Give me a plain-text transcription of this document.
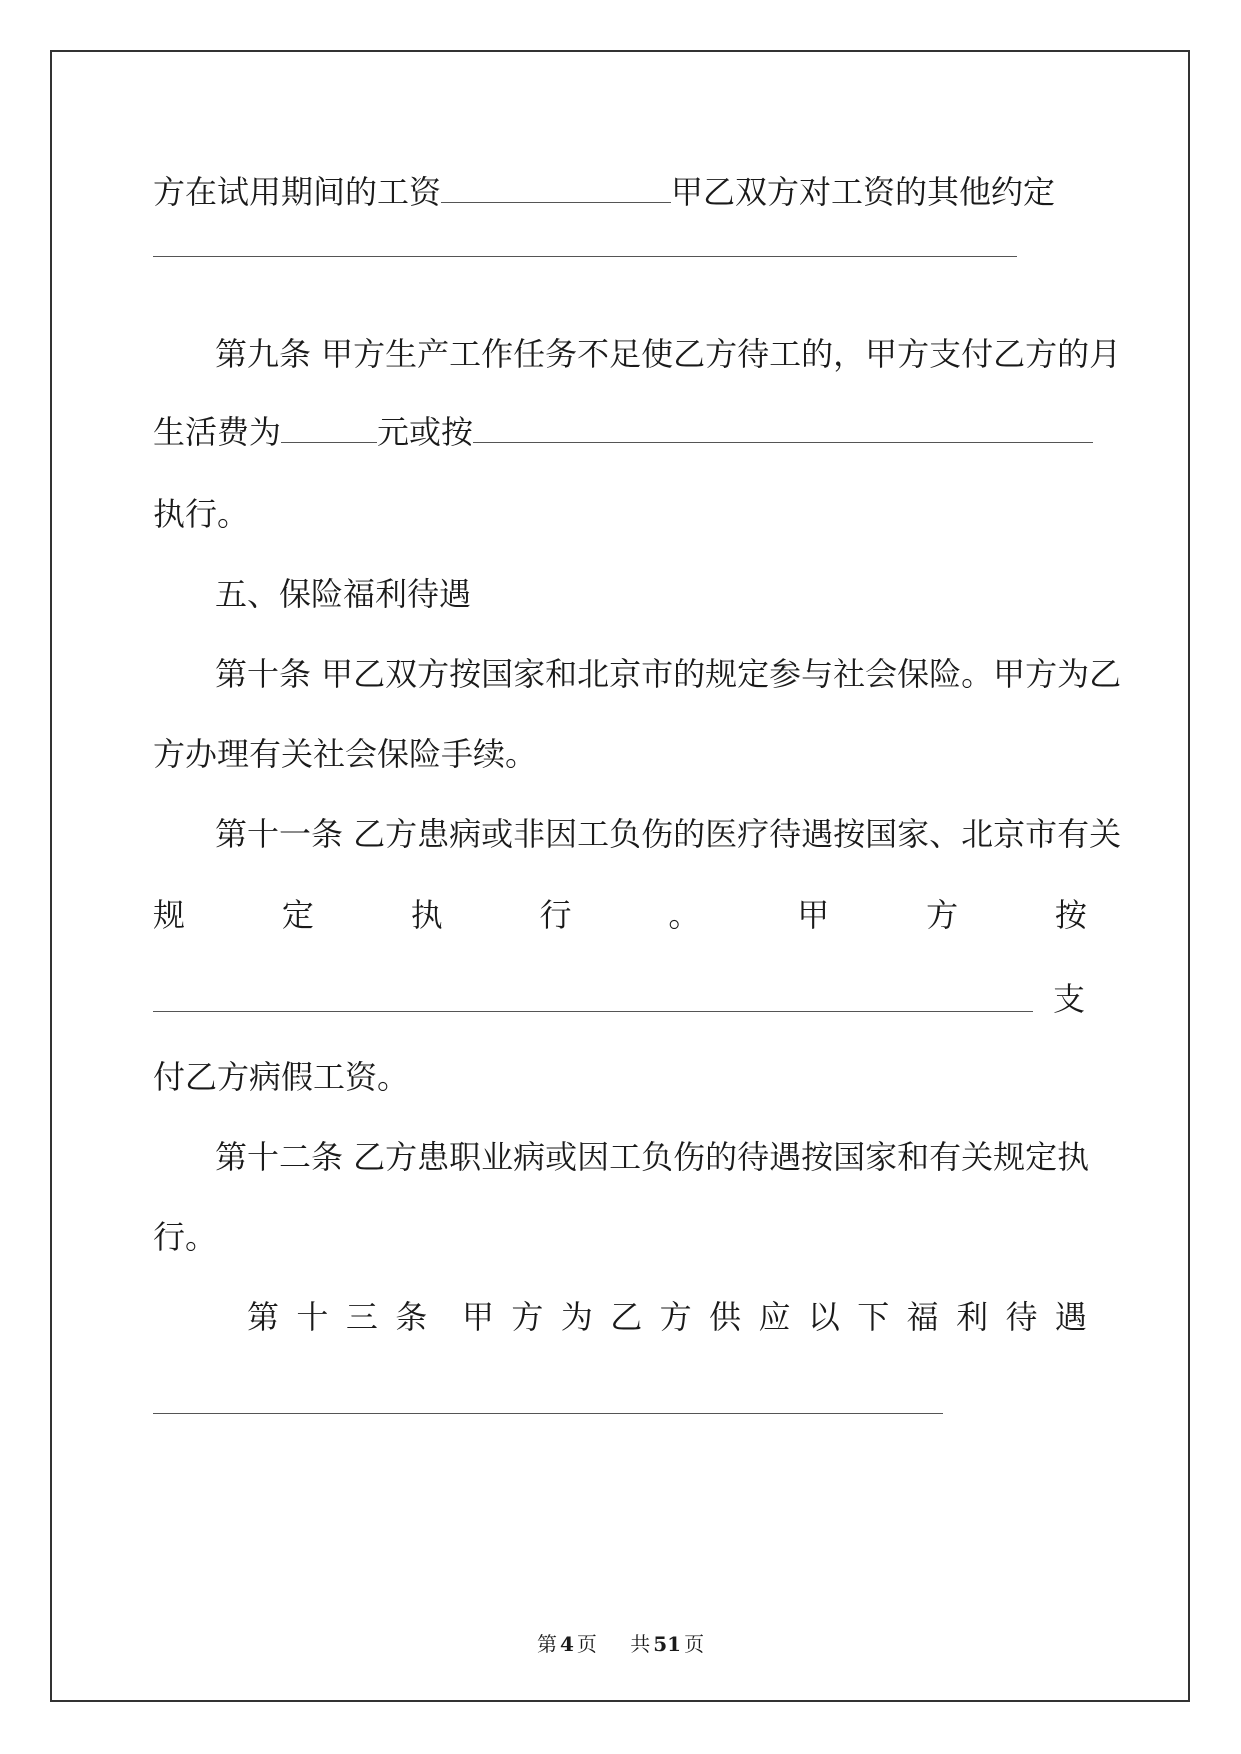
方在试用期间的工资	甲乙双方对工资的其他约定
第九条 甲方生产工作任务不足使乙方待工的，甲方支付乙方的月
生活费为	元或按
执行。
五、保险福利待遇
第十条 甲乙双方按国家和北京市的规定参与社会保险。甲方为乙
方办理有关社会保险手续。
第十一条 乙方患病或非因工负伤的医疗待遇按国家、北京市有关
规	定	执	行	。	甲	方	按
支
付乙方病假工资。
第十二条 乙方患职业病或因工负伤的待遇按国家和有关规定执
行。
第 十 三 条 甲 方 为 乙 方 供 应 以 下 福 利 待 遇
第 4 页 共 51 页
